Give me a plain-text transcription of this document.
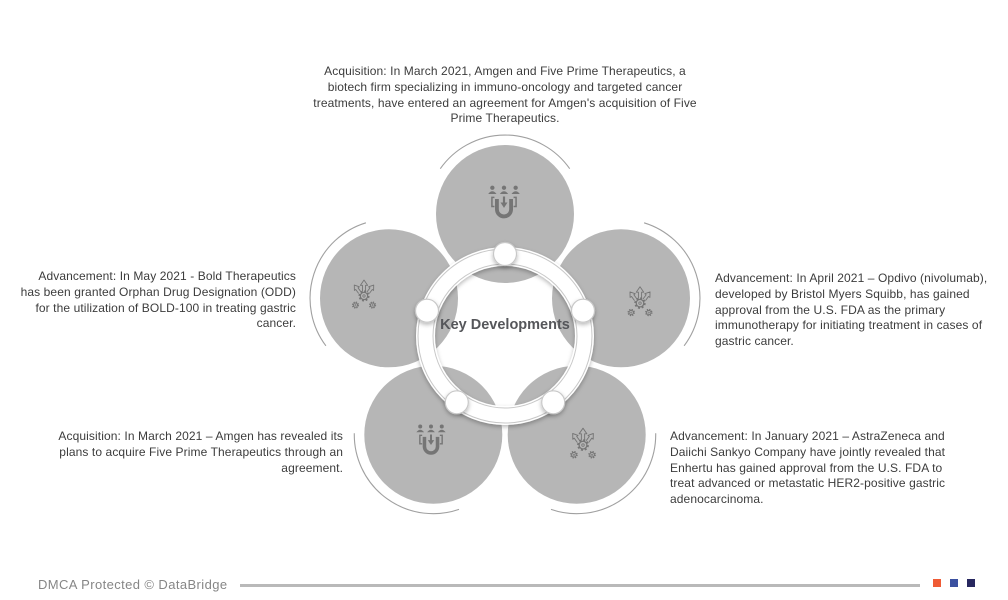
Key Developments
Acquisition: In March 2021, Amgen and Five Prime Therapeutics, a biotech firm specializing in immuno-oncology and targeted cancer treatments, have entered an agreement for Amgen's acquisition of Five Prime Therapeutics.
Advancement: In May 2021 - Bold Therapeutics has been granted Orphan Drug Designation (ODD) for the utilization of BOLD-100 in treating gastric cancer.
Advancement: In April 2021 – Opdivo (nivolumab), developed by Bristol Myers Squibb, has gained approval from the U.S. FDA as the primary immunotherapy for initiating treatment in cases of gastric cancer.
Acquisition: In March 2021 – Amgen has revealed its plans to acquire Five Prime Therapeutics through an agreement.
Advancement: In January 2021 – AstraZeneca and Daiichi Sankyo Company have jointly revealed that Enhertu has gained approval from the U.S. FDA to treat advanced or metastatic HER2-positive gastric adenocarcinoma.
DMCA Protected © DataBridge
